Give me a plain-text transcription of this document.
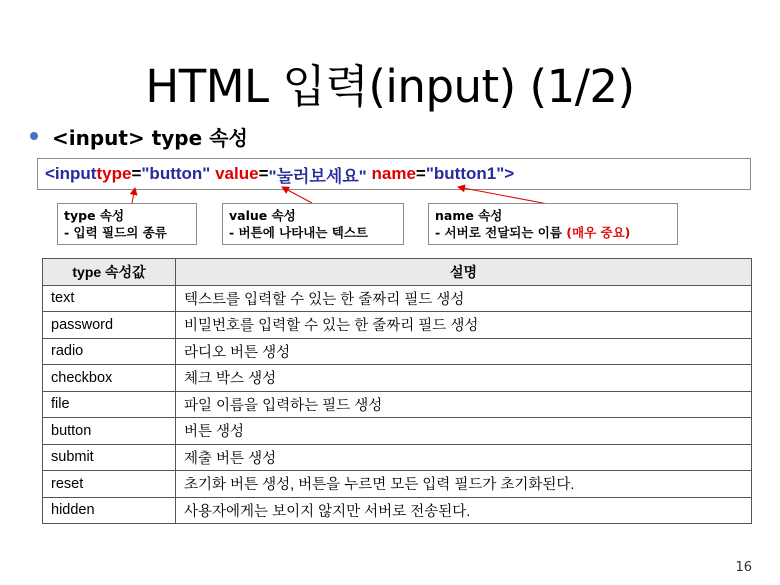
HTML 입력(input) (1/2)
<input> type 속성
<input type = "button"
value = "눌러보세요"
name = "button1" >
type 속성
- 입력 필드의 종류
value 속성
- 버튼에 나타내는 텍스트
name 속성
- 서버로 전달되는 이름 (매우 중요)
type 속성값	설명
text	텍스트를 입력할 수 있는 한 줄짜리 필드 생성
password	비밀번호를 입력할 수 있는 한 줄짜리 필드 생성
radio	라디오 버튼 생성
checkbox	체크 박스 생성
file	파일 이름을 입력하는 필드 생성
button	버튼 생성
submit	제출 버튼 생성
reset	초기화 버튼 생성, 버튼을 누르면 모든 입력 필드가 초기화된다.
hidden	사용자에게는 보이지 않지만 서버로 전송된다.
16
